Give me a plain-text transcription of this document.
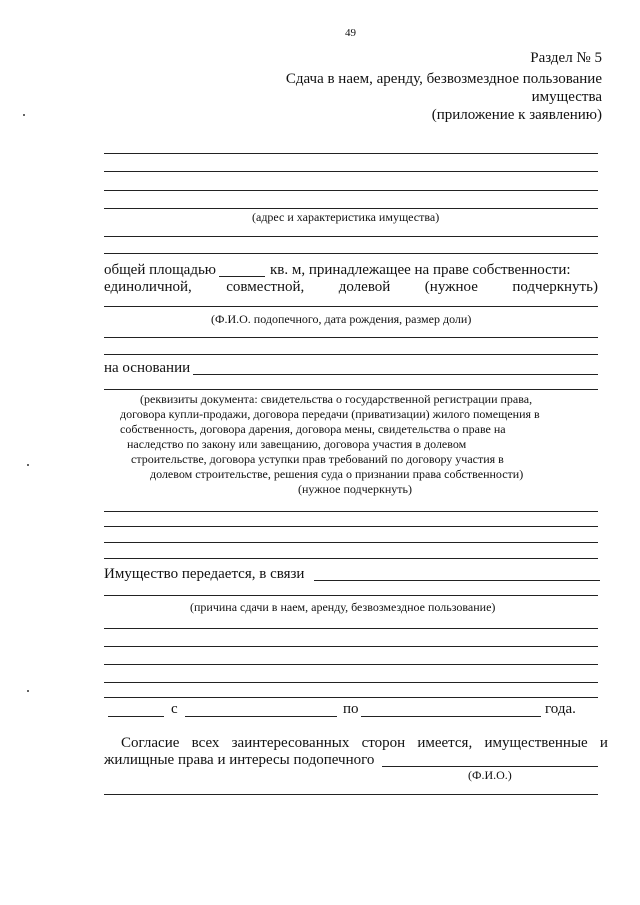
49
Раздел № 5
Сдача в наем, аренду, безвозмездное пользование
имущества
(приложение к заявлению)
(адрес и характеристика имущества)
общей площадью	кв. м, принадлежащее на праве собственности:
единоличной, совместной, долевой (нужное подчеркнуть)
(Ф.И.О. подопечного, дата рождения, размер доли)
на основании
(реквизиты документа: свидетельства о государственной регистрации права,
договора купли-продажи, договора передачи (приватизации) жилого помещения в
собственность, договора дарения, договора мены, свидетельства о праве на
наследство по закону или завещанию, договора участия в долевом
строительстве, договора уступки прав требований по договору участия в
долевом строительстве, решения суда о признании права собственности)
(нужное подчеркнуть)
Имущество передается, в связи
(причина сдачи в наем, аренду, безвозмездное пользование)
с	по	года.
Согласие всех заинтересованных сторон имеется, имущественные и
жилищные права и интересы подопечного
(Ф.И.О.)
